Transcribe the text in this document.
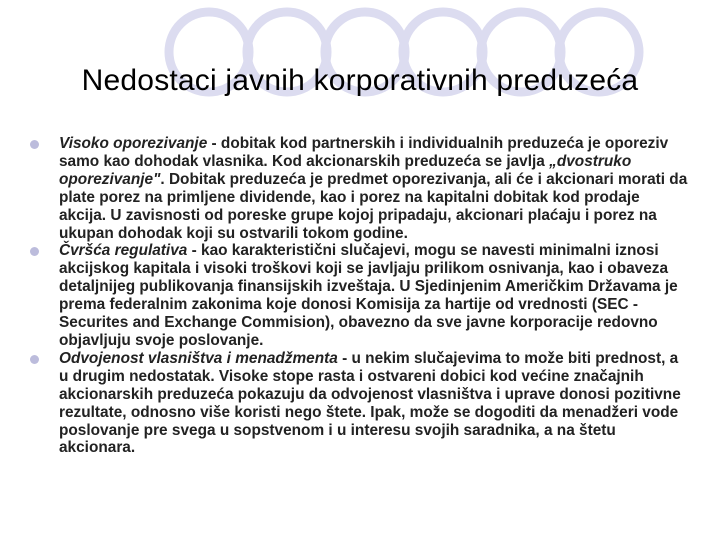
Nedostaci javnih korporativnih preduzeća
Visoko oporezivanje - dobitak kod partnerskih i individualnih preduzeća je oporeziv samo kao dohodak vlasnika. Kod akcionarskih preduzeća se javlja „dvostruko oporezivanje". Dobitak preduzeća je predmet oporezivanja, ali će i akcionari morati da plate porez na primljene dividende, kao i porez na kapitalni dobitak kod prodaje akcija. U zavisnosti od poreske grupe kojoj pripadaju, akcionari plaćaju i porez na ukupan dohodak koji su ostvarili tokom godine.
Čvršća regulativa - kao karakteristični slučajevi, mogu se navesti minimalni iznosi akcijskog kapitala i visoki troškovi koji se javljaju prilikom osnivanja, kao i obaveza detaljnijeg publikovanja finansijskih izveštaja. U Sjedinjenim Američkim Državama je prema federalnim zakonima koje donosi Komisija za hartije od vrednosti (SEC -Securites and Exchange Commision), obavezno da sve javne korporacije redovno objavljuju svoje poslovanje.
Odvojenost vlasništva i menadžmenta - u nekim slučajevima to može biti prednost, a u drugim nedostatak. Visoke stope rasta i ostvareni dobici kod većine značajnih akcionarskih preduzeća pokazuju da odvojenost vlasništva i uprave donosi pozitivne rezultate, odnosno više koristi nego štete. Ipak, može se dogoditi da menadžeri vode poslovanje pre svega u sopstvenom i u interesu svojih saradnika, a na štetu akcionara.
